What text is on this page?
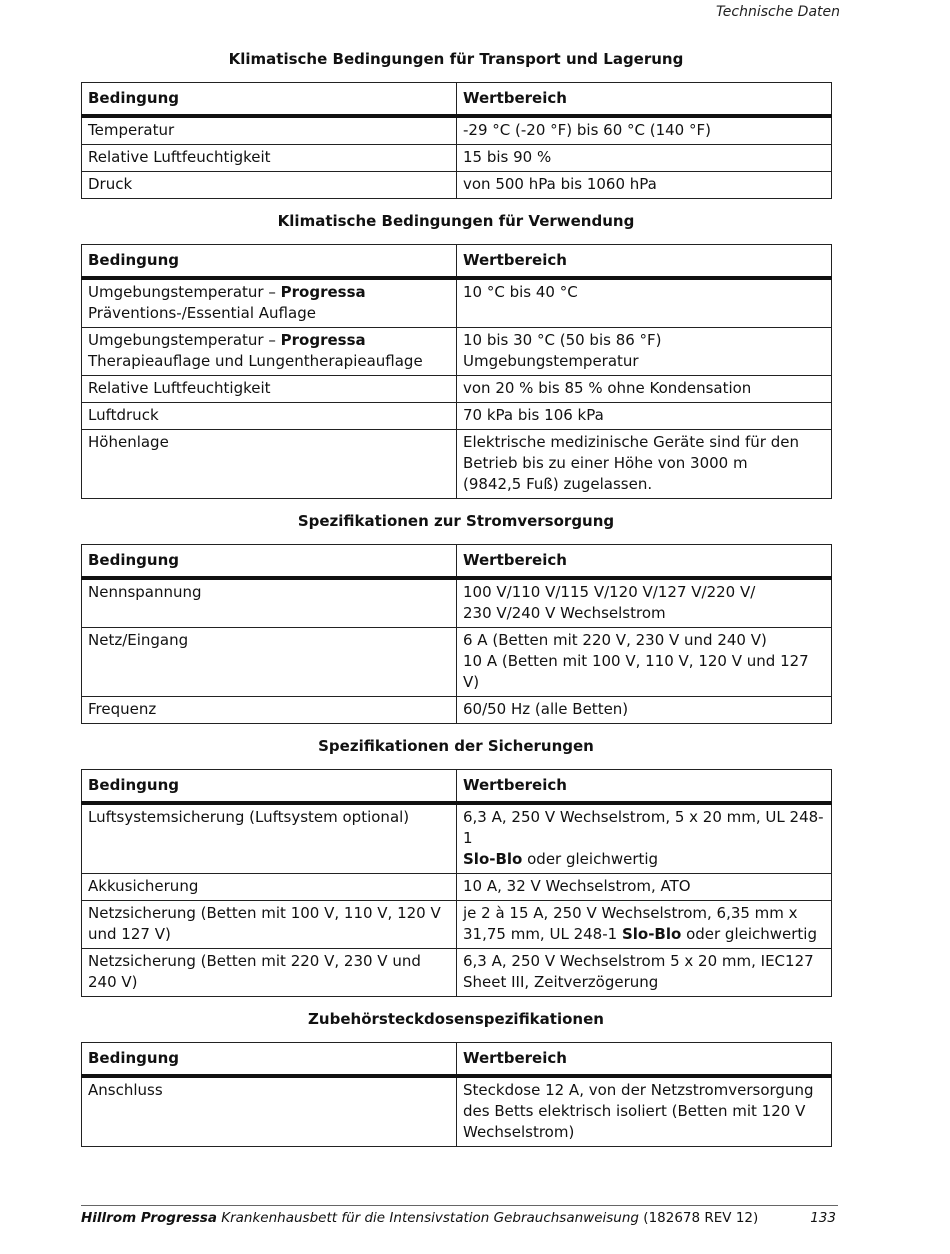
Technische Daten
Klimatische Bedingungen für Transport und Lagerung
Bedingung	Wertbereich

Temperatur	-29 °C (-20 °F) bis 60 °C (140 °F)

Relative Luftfeuchtigkeit	15 bis 90 %

Druck	von 500 hPa bis 1060 hPa
Klimatische Bedingungen für Verwendung
Bedingung	Wertbereich

Umgebungstemperatur – Progressa
Präventions-/Essential Auflage	10 °C bis 40 °C

Umgebungstemperatur – Progressa
Therapieauflage und Lungentherapieauflage	10 bis 30 °C (50 bis 86 °F) Umgebungstemperatur

Relative Luftfeuchtigkeit	von 20 % bis 85 % ohne Kondensation

Luftdruck	70 kPa bis 106 kPa

Höhenlage	Elektrische medizinische Geräte sind für den
Betrieb bis zu einer Höhe von 3000 m
(9842,5 Fuß) zugelassen.
Spezifikationen zur Stromversorgung
Bedingung	Wertbereich

Nennspannung	100 V/110 V/115 V/120 V/127 V/220 V/
230 V/240 V Wechselstrom

Netz/Eingang	6 A (Betten mit 220 V, 230 V und 240 V)
10 A (Betten mit 100 V, 110 V, 120 V und 127 V)

Frequenz	60/50 Hz (alle Betten)
Spezifikationen der Sicherungen
Bedingung	Wertbereich

Luftsystemsicherung (Luftsystem optional)	6,3 A, 250 V Wechselstrom, 5 x 20 mm, UL 248-1
Slo-Blo oder gleichwertig

Akkusicherung	10 A, 32 V Wechselstrom, ATO

Netzsicherung (Betten mit 100 V, 110 V, 120 V
und 127 V)	je 2 à 15 A, 250 V Wechselstrom, 6,35 mm x
31,75 mm, UL 248-1 Slo-Blo oder gleichwertig

Netzsicherung (Betten mit 220 V, 230 V und
240 V)	6,3 A, 250 V Wechselstrom 5 x 20 mm, IEC127
Sheet III, Zeitverzögerung
Zubehörsteckdosenspezifikationen
Bedingung	Wertbereich

Anschluss	Steckdose 12 A, von der Netzstromversorgung
des Betts elektrisch isoliert (Betten mit 120 V
Wechselstrom)
Hillrom Progressa Krankenhausbett für die Intensivstation Gebrauchsanweisung (182678 REV 12)	133
